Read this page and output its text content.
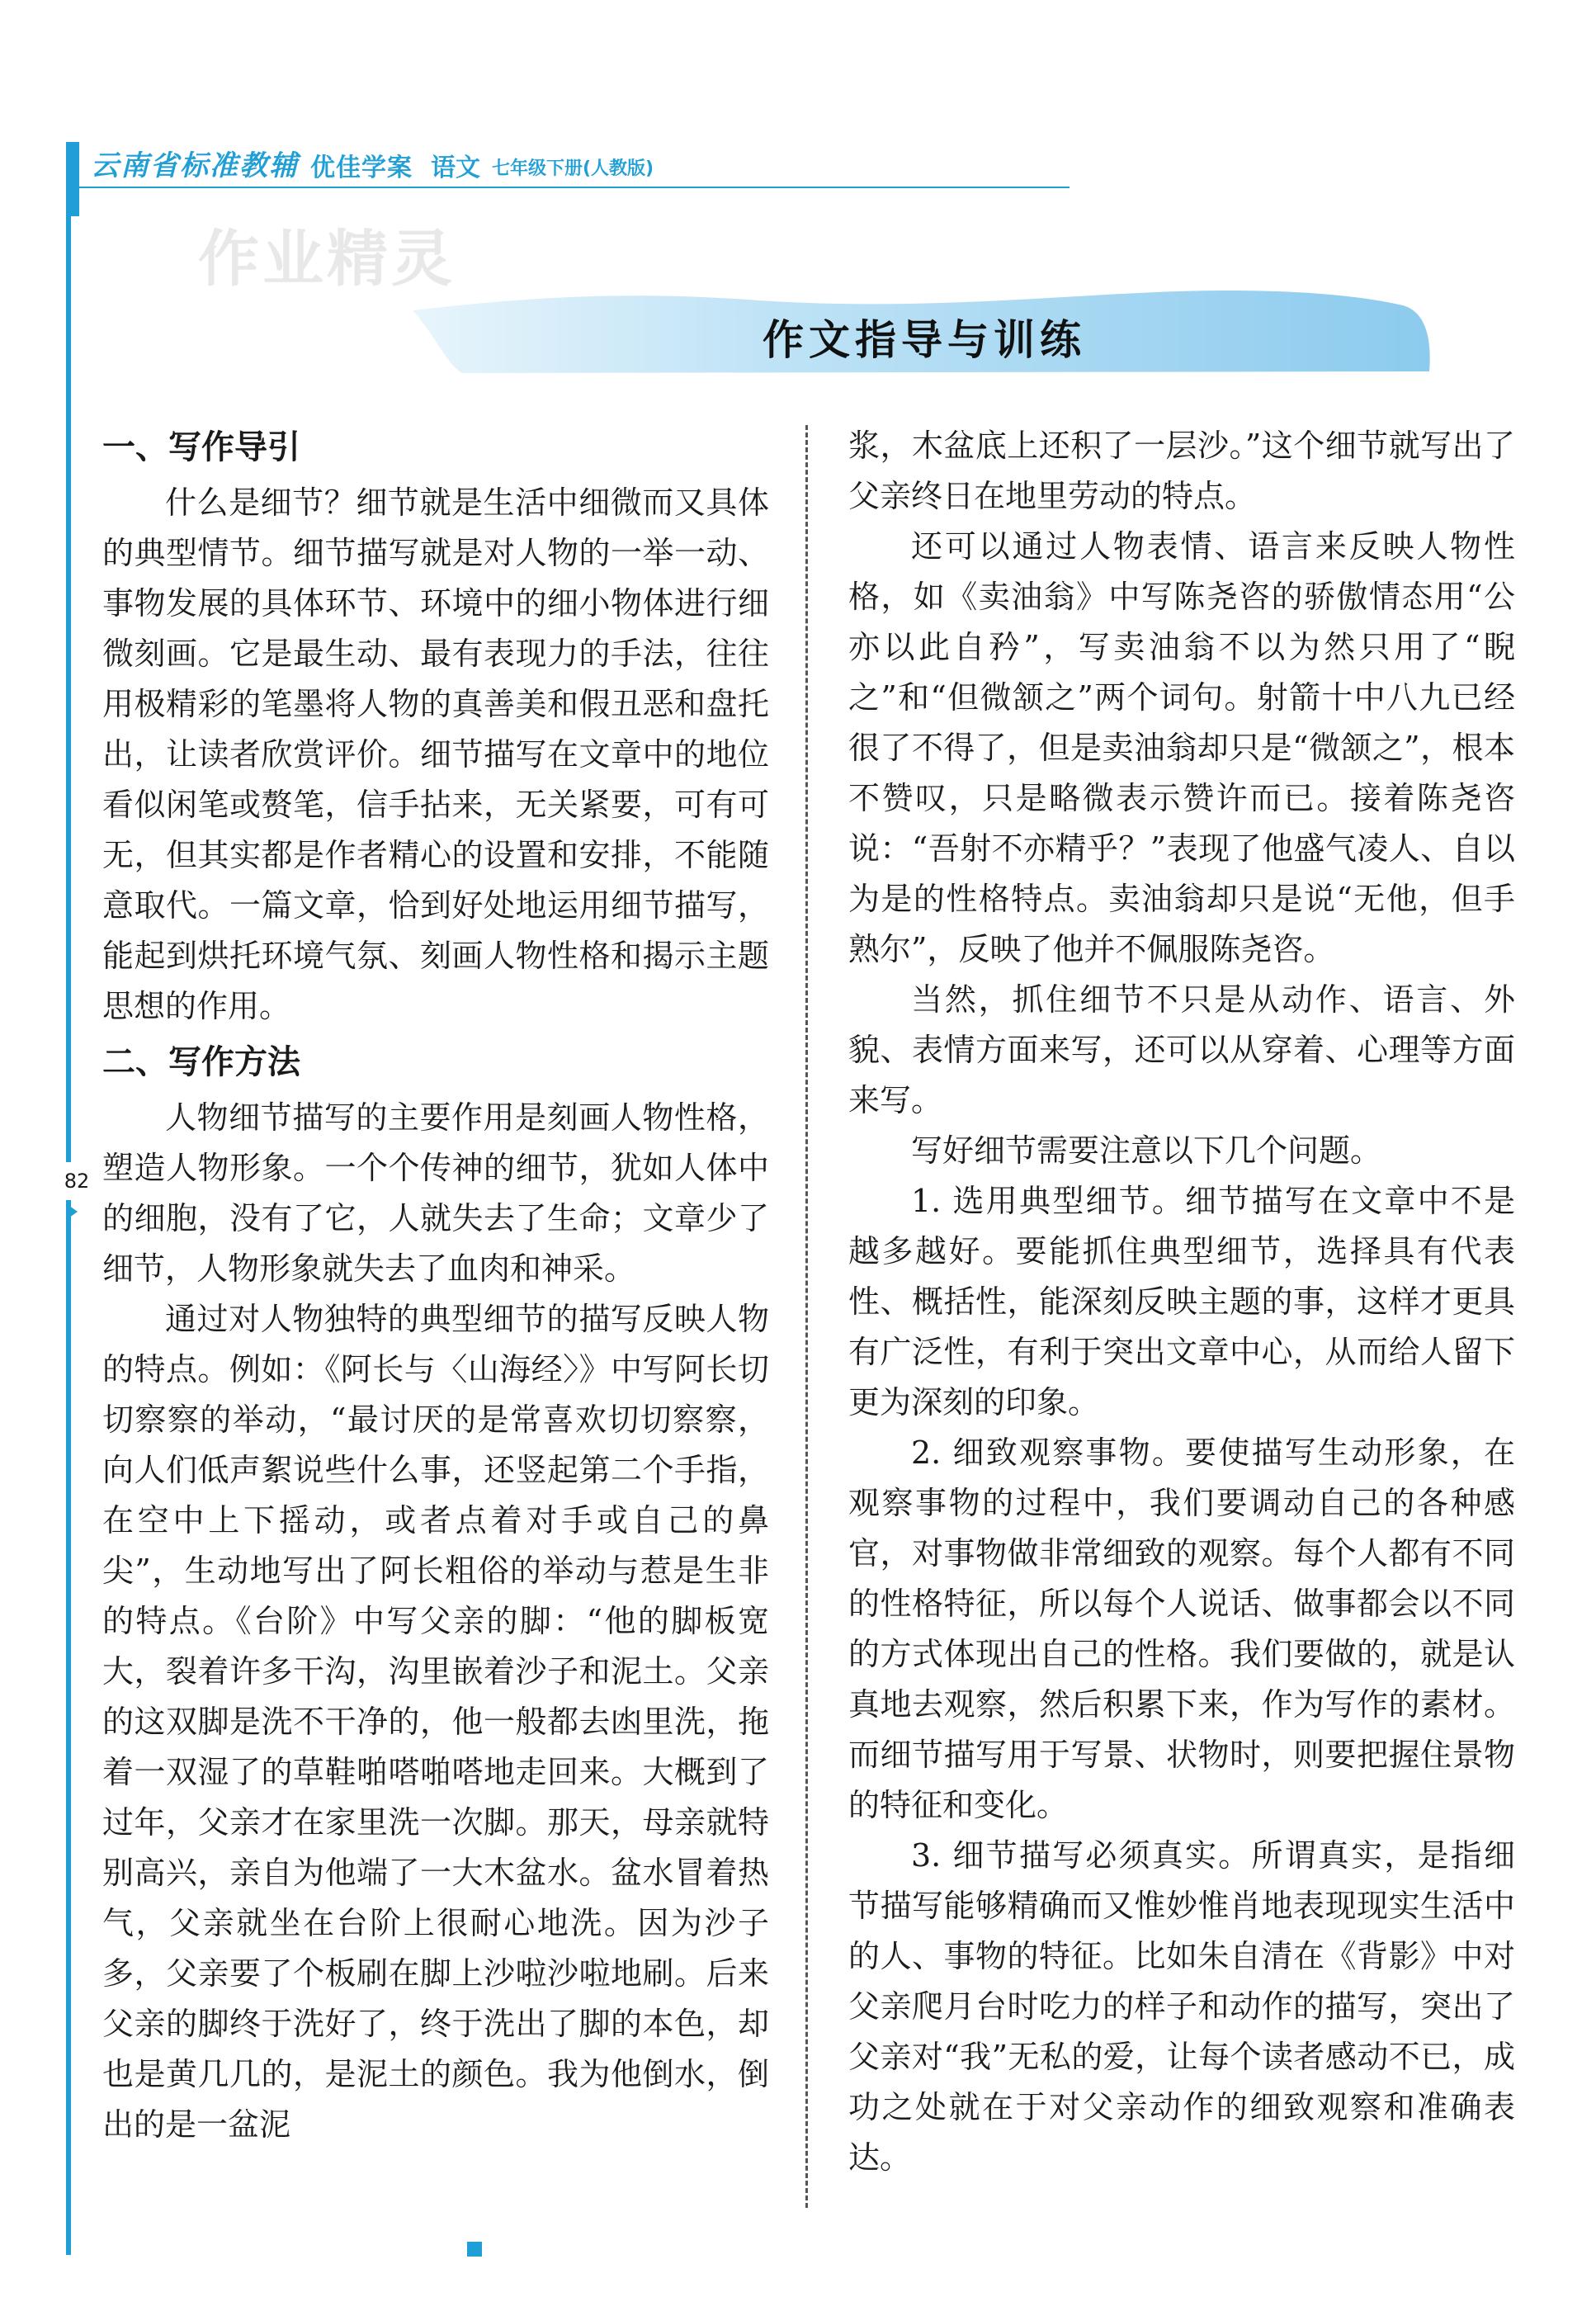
云南省标准教辅 优佳学案 语文 七年级下册(人教版)
作业精灵
作文指导与训练
一、写作导引

什么是细节？细节就是生活中细微而又具体的典型情节。细节描写就是对人物的一举一动、事物发展的具体环节、环境中的细小物体进行细微刻画。它是最生动、最有表现力的手法，往往用极精彩的笔墨将人物的真善美和假丑恶和盘托出，让读者欣赏评价。细节描写在文章中的地位看似闲笔或赘笔，信手拈来，无关紧要，可有可无，但其实都是作者精心的设置和安排，不能随意取代。一篇文章，恰到好处地运用细节描写，能起到烘托环境气氛、刻画人物性格和揭示主题思想的作用。

二、写作方法

人物细节描写的主要作用是刻画人物性格，塑造人物形象。一个个传神的细节，犹如人体中的细胞，没有了它，人就失去了生命；文章少了细节，人物形象就失去了血肉和神采。

通过对人物独特的典型细节的描写反映人物的特点。例如：《阿长与〈山海经〉》中写阿长切切察察的举动，“最讨厌的是常喜欢切切察察，向人们低声絮说些什么事，还竖起第二个手指，在空中上下摇动，或者点着对手或自己的鼻尖”，生动地写出了阿长粗俗的举动与惹是生非的特点。《台阶》中写父亲的脚：“他的脚板宽大，裂着许多干沟，沟里嵌着沙子和泥土。父亲的这双脚是洗不干净的，他一般都去凼里洗，拖着一双湿了的草鞋啪嗒啪嗒地走回来。大概到了过年，父亲才在家里洗一次脚。那天，母亲就特别高兴，亲自为他端了一大木盆水。盆水冒着热气，父亲就坐在台阶上很耐心地洗。因为沙子多，父亲要了个板刷在脚上沙啦沙啦地刷。后来父亲的脚终于洗好了，终于洗出了脚的本色，却也是黄几几的，是泥土的颜色。我为他倒水，倒出的是一盆泥

浆，木盆底上还积了一层沙。”这个细节就写出了父亲终日在地里劳动的特点。

还可以通过人物表情、语言来反映人物性格，如《卖油翁》中写陈尧咨的骄傲情态用“公亦以此自矜”，写卖油翁不以为然只用了“睨之”和“但微颔之”两个词句。射箭十中八九已经很了不得了，但是卖油翁却只是“微颔之”，根本不赞叹，只是略微表示赞许而已。接着陈尧咨说：“吾射不亦精乎？”表现了他盛气凌人、自以为是的性格特点。卖油翁却只是说“无他，但手熟尔”，反映了他并不佩服陈尧咨。

当然，抓住细节不只是从动作、语言、外貌、表情方面来写，还可以从穿着、心理等方面来写。

写好细节需要注意以下几个问题。

1. 选用典型细节。细节描写在文章中不是越多越好。要能抓住典型细节，选择具有代表性、概括性，能深刻反映主题的事，这样才更具有广泛性，有利于突出文章中心，从而给人留下更为深刻的印象。

2. 细致观察事物。要使描写生动形象，在观察事物的过程中，我们要调动自己的各种感官，对事物做非常细致的观察。每个人都有不同的性格特征，所以每个人说话、做事都会以不同的方式体现出自己的性格。我们要做的，就是认真地去观察，然后积累下来，作为写作的素材。而细节描写用于写景、状物时，则要把握住景物的特征和变化。

3. 细节描写必须真实。所谓真实，是指细节描写能够精确而又惟妙惟肖地表现现实生活中的人、事物的特征。比如朱自清在《背影》中对父亲爬月台时吃力的样子和动作的描写，突出了父亲对“我”无私的爱，让每个读者感动不已，成功之处就在于对父亲动作的细致观察和准确表达。

82
